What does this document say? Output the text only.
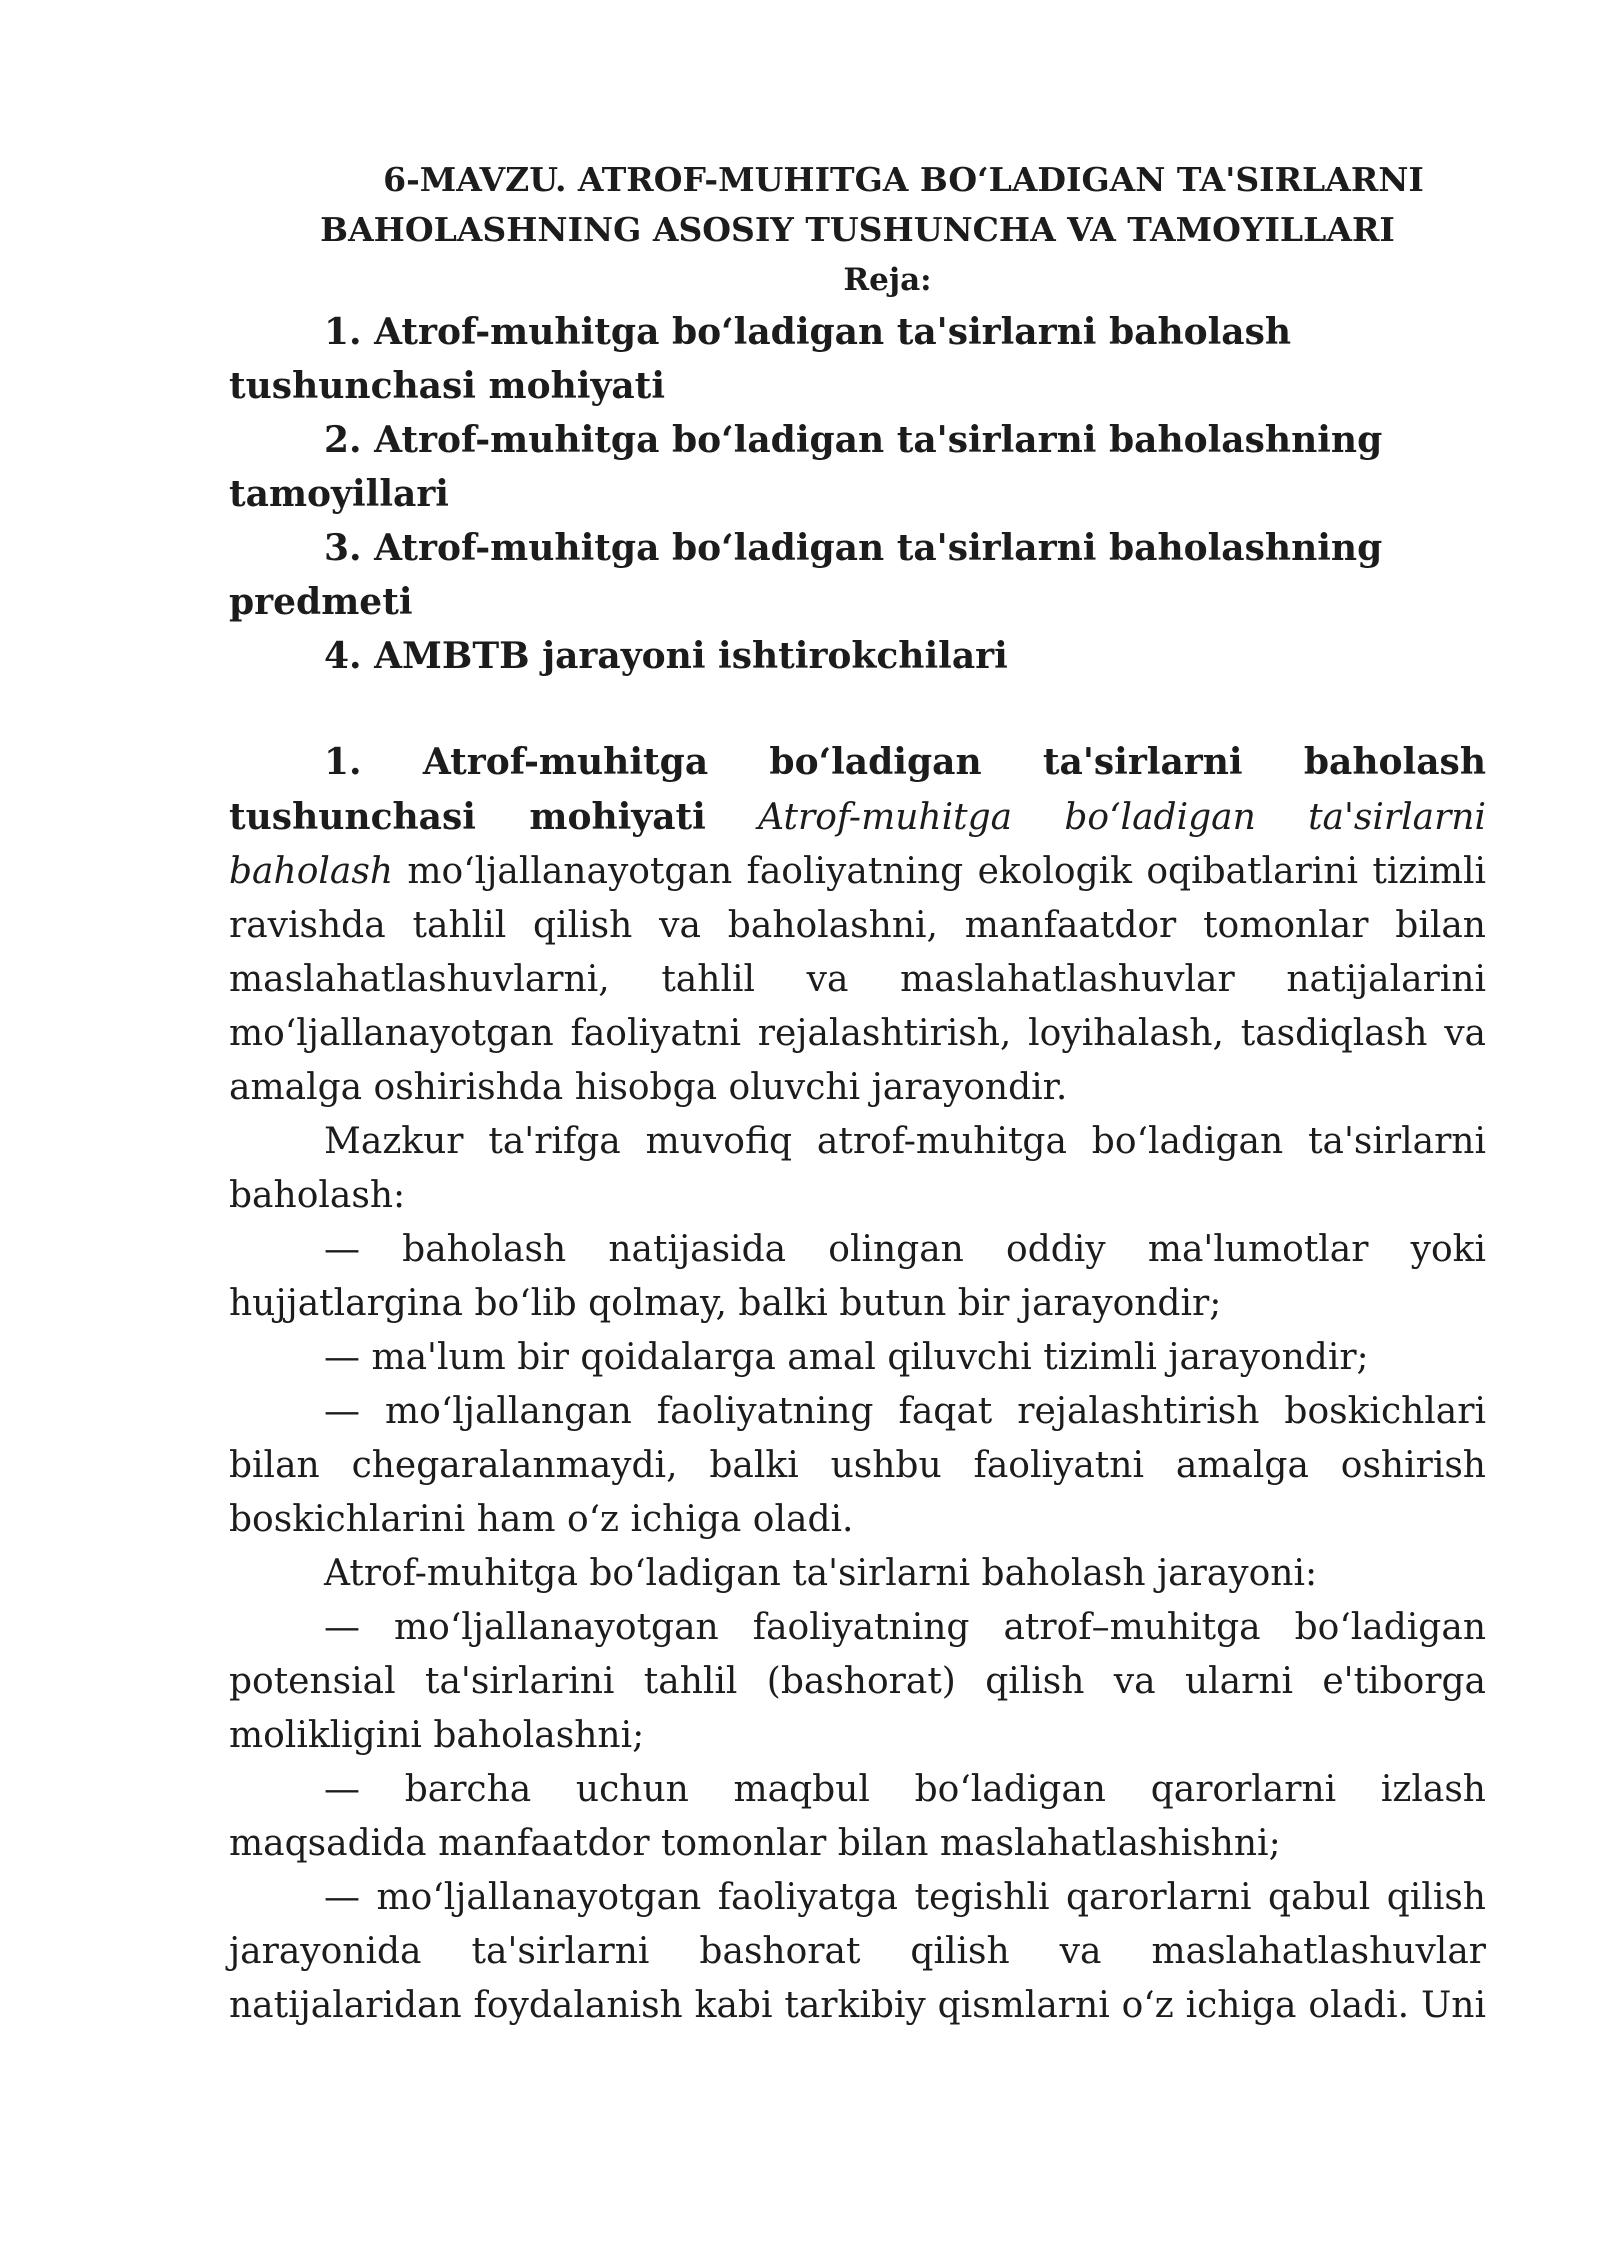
6-MAVZU. ATROF-MUHITGA BO‘LADIGAN TA'SIRLARNI
BAHOLASHNING ASOSIY TUSHUNCHA VA TAMOYILLARI
Reja:

1. Atrof-muhitga bo‘ladigan ta'sirlarni baholash tushunchasi mohiyati

2. Atrof-muhitga bo‘ladigan ta'sirlarni baholashning tamoyillari

3. Atrof-muhitga bo‘ladigan ta'sirlarni baholashning predmeti

4. AMBTB jarayoni ishtirokchilari

1. Atrof-muhitga bo‘ladigan ta'sirlarni baholash tushunchasi mohiyati Atrof-muhitga bo‘ladigan ta'sirlarni baholash mo‘ljallanayotgan faoliyatning ekologik oqibatlarini tizimli ravishda tahlil qilish va baholashni, manfaatdor tomonlar bilan maslahatlashuvlarni, tahlil va maslahatlashuvlar natijalarini mo‘ljallanayotgan faoliyatni rejalashtirish, loyihalash, tasdiqlash va amalga oshirishda hisobga oluvchi jarayondir.

Mazkur ta'rifga muvofiq atrof-muhitga bo‘ladigan ta'sirlarni baholash:

— baholash natijasida olingan oddiy ma'lumotlar yoki hujjatlargina bo‘lib qolmay, balki butun bir jarayondir;

— ma'lum bir qoidalarga amal qiluvchi tizimli jarayondir;

— mo‘ljallangan faoliyatning faqat rejalashtirish boskichlari bilan chegaralanmaydi, balki ushbu faoliyatni amalga oshirish boskichlarini ham o‘z ichiga oladi.

Atrof-muhitga bo‘ladigan ta'sirlarni baholash jarayoni:

— mo‘ljallanayotgan faoliyatning atrof–muhitga bo‘ladigan potensial ta'sirlarini tahlil (bashorat) qilish va ularni e'tiborga molikligini baholashni;

— barcha uchun maqbul bo‘ladigan qarorlarni izlash maqsadida manfaatdor tomonlar bilan maslahatlashishni;

— mo‘ljallanayotgan faoliyatga tegishli qarorlarni qabul qilish jarayonida ta'sirlarni bashorat qilish va maslahatlashuvlar natijalaridan foydalanish kabi tarkibiy qismlarni o‘z ichiga oladi. Uni
